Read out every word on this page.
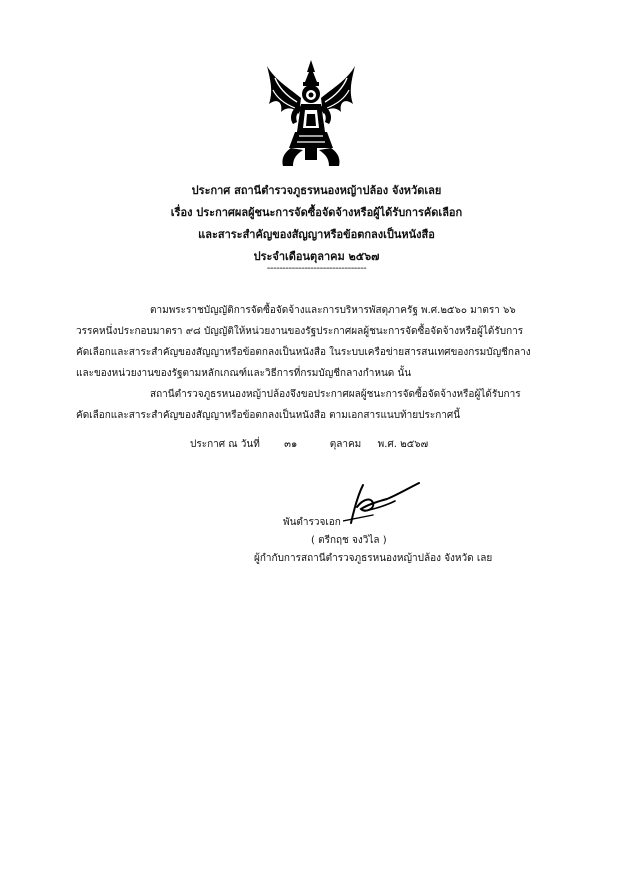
ประกาศ สถานีตำรวจภูธรหนองหญ้าปล้อง จังหวัดเลย
เรื่อง ประกาศผลผู้ชนะการจัดซื้อจัดจ้างหรือผู้ได้รับการคัดเลือก
และสาระสำคัญของสัญญาหรือข้อตกลงเป็นหนังสือ
ประจำเดือนตุลาคม ๒๕๖๗
--------------------------------
ตามพระราชบัญญัติการจัดซื้อจัดจ้างและการบริหารพัสดุภาครัฐ พ.ศ.๒๕๖๐ มาตรา ๖๖
วรรคหนึ่งประกอบมาตรา ๙๘ บัญญัติให้หน่วยงานของรัฐประกาศผลผู้ชนะการจัดซื้อจัดจ้างหรือผู้ได้รับการ
คัดเลือกและสาระสำคัญของสัญญาหรือข้อตกลงเป็นหนังสือ ในระบบเครือข่ายสารสนเทศของกรมบัญชีกลาง
และของหน่วยงานของรัฐตามหลักเกณฑ์และวิธีการที่กรมบัญชีกลางกำหนด นั้น
สถานีตำรวจภูธรหนองหญ้าปล้องจึงขอประกาศผลผู้ชนะการจัดซื้อจัดจ้างหรือผู้ได้รับการ
คัดเลือกและสาระสำคัญของสัญญาหรือข้อตกลงเป็นหนังสือ ตามเอกสารแนบท้ายประกาศนี้
ประกาศ ณ วันที่ ๓๑	ตุลาคม พ.ศ. ๒๕๖๗
พันตำรวจเอก
( ตรีกฤช จงวิไล )
ผู้กำกับการสถานีตำรวจภูธรหนองหญ้าปล้อง จังหวัด เลย
